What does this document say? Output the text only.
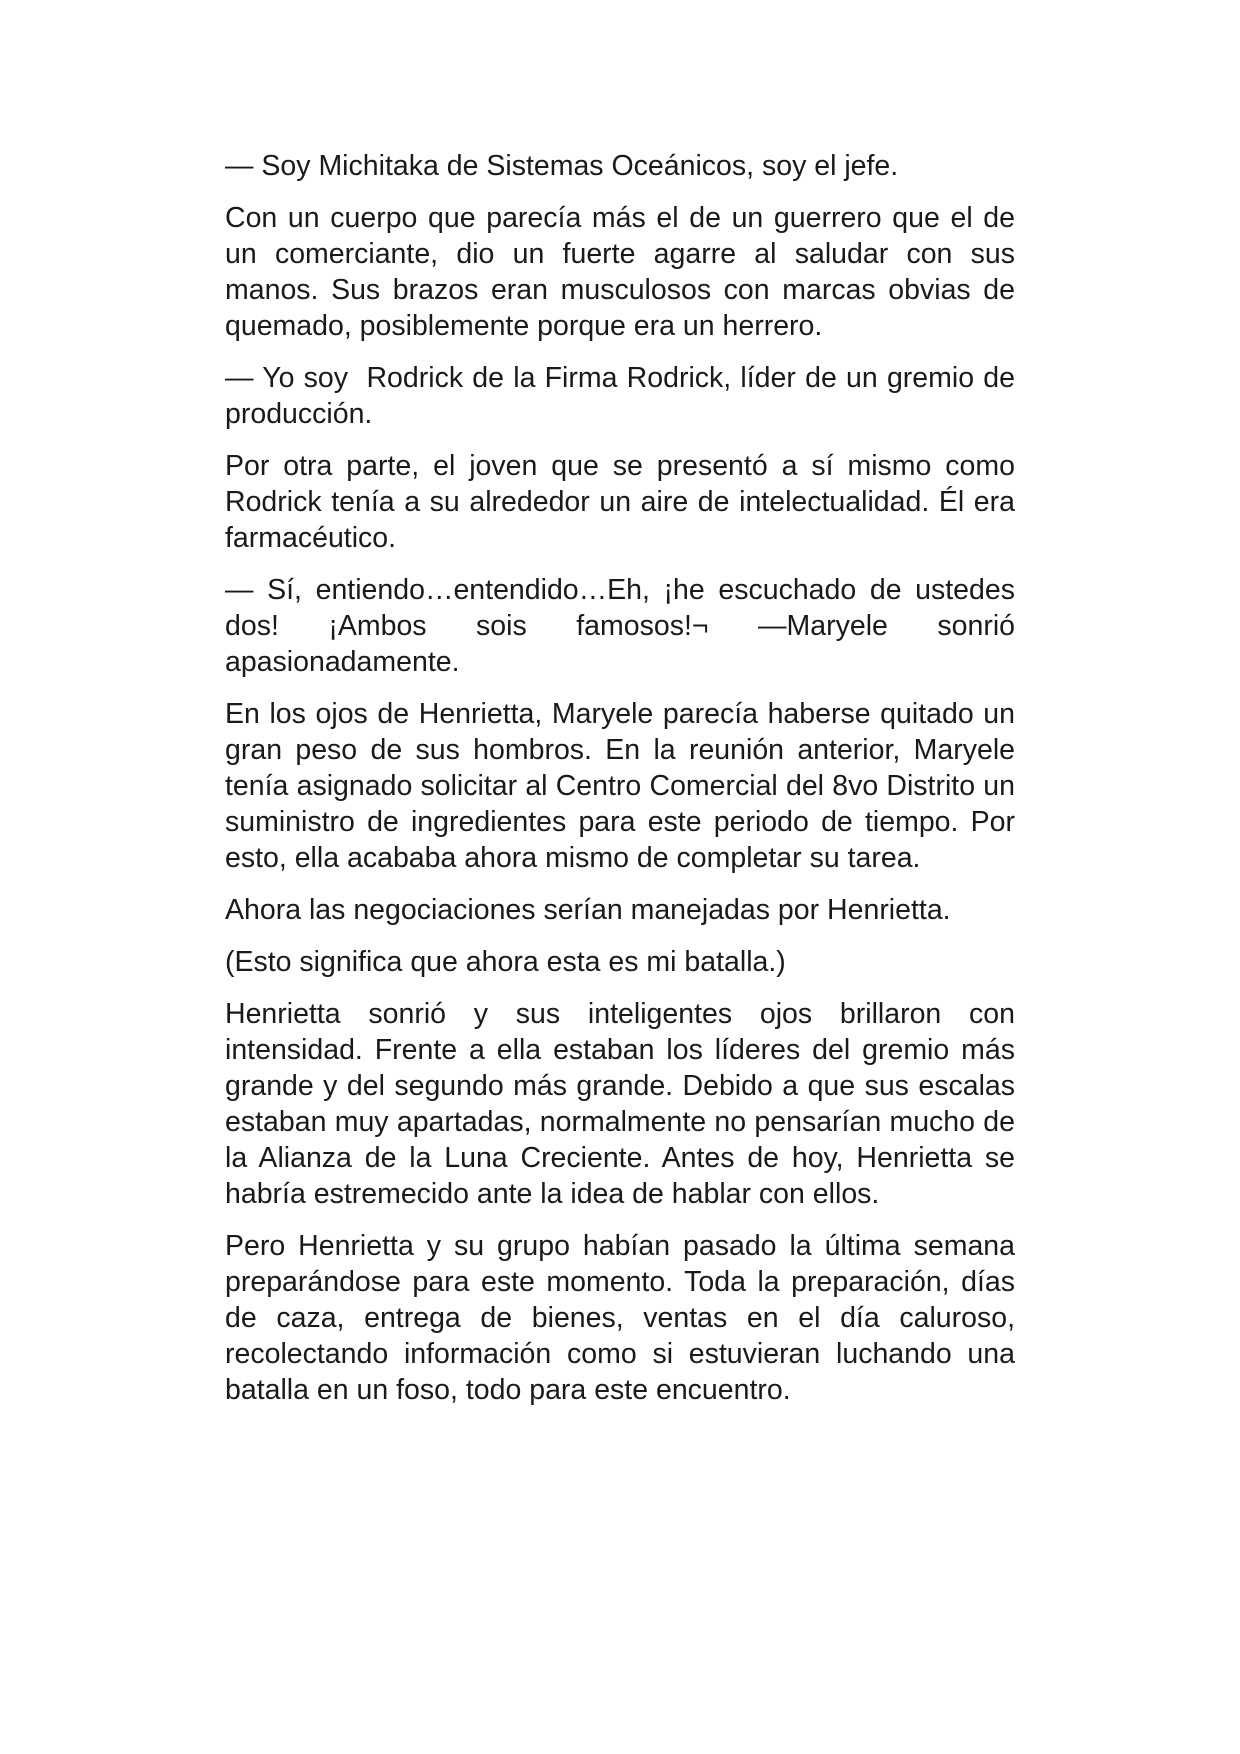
— Soy Michitaka de Sistemas Oceánicos, soy el jefe.

Con un cuerpo que parecía más el de un guerrero que el de un comerciante, dio un fuerte agarre al saludar con sus manos. Sus brazos eran musculosos con marcas obvias de quemado, posiblemente porque era un herrero.

— Yo soy  Rodrick de la Firma Rodrick, líder de un gremio de producción.

Por otra parte, el joven que se presentó a sí mismo como Rodrick tenía a su alrededor un aire de intelectualidad. Él era farmacéutico.

— Sí, entiendo…entendido…Eh, ¡he escuchado de ustedes dos! ¡Ambos sois famosos!¬ —Maryele sonrió apasionadamente.

En los ojos de Henrietta, Maryele parecía haberse quitado un gran peso de sus hombros. En la reunión anterior, Maryele tenía asignado solicitar al Centro Comercial del 8vo Distrito un suministro de ingredientes para este periodo de tiempo. Por esto, ella acababa ahora mismo de completar su tarea.

Ahora las negociaciones serían manejadas por Henrietta.

(Esto significa que ahora esta es mi batalla.)

Henrietta sonrió y sus inteligentes ojos brillaron con intensidad. Frente a ella estaban los líderes del gremio más grande y del segundo más grande. Debido a que sus escalas estaban muy apartadas, normalmente no pensarían mucho de la Alianza de la Luna Creciente. Antes de hoy, Henrietta se habría estremecido ante la idea de hablar con ellos.

Pero Henrietta y su grupo habían pasado la última semana preparándose para este momento. Toda la preparación, días de caza, entrega de bienes, ventas en el día caluroso, recolectando información como si estuvieran luchando una batalla en un foso, todo para este encuentro.
